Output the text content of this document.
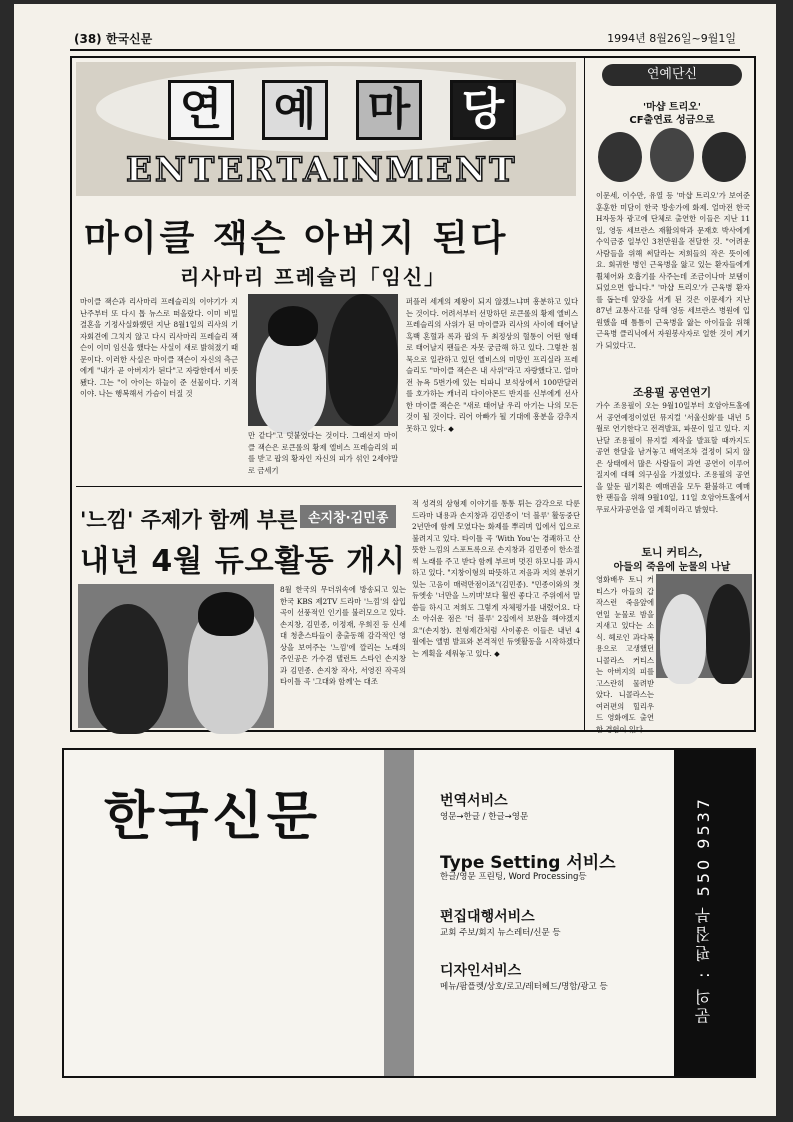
(38) 한국신문	1994년 8월26일~9월1일
연 예 마 당
ENTERTAINMENT
마이클 잭슨 아버지 된다
리사마리 프레슬리「임신」
마이클 잭슨과 리사마리 프레슬리의 이야기가 지난주부터 또 다시 톱 뉴스로 떠올랐다. 이미 비밀결혼을 기정사실화했던 지난 8월1일의 리사의 기자회견에 그치지 않고 다시 리사마리 프레슬리 잭슨이 이미 임신을 했다는 사실이 새로 밝혀졌기 때문이다. 이러한 사실은 마이클 잭슨이 자신의 측근에게 "내가 곧 아버지가 된다"고 자랑한데서 비롯됐다. 그는 "이 아이는 하늘이 준 선물이다. 기적이야. 나는 행복해서 가슴이 터질 것
만 같다"고 덧붙였다는 것이다. 그래선지 마이클 잭슨은 로큰롤의 황제 엘비스 프레슬리의 피를 받고 팝의 황자인 자신의 피가 섞인 2세야말로 금세기
퍼플러 세계의 제왕이 되지 않겠느냐며 흥분하고 있다는 것이다. 어려서부터 선망하던 로큰롤의 황제 엘비스 프레슬리의 사위가 된 마이클과 리사의 사이에 태어날 흑백 혼혈과 록과 팝의 두 최정상의 혈통이 어떤 형태로 태어날지 팬들은 자못 궁금해 하고 있다. 그렇찬 침묵으로 일관하고 있던 엘비스의 미망인 프리실라 프레슬리도 "마이클 잭슨은 내 사위"라고 자랑했다고. 얼마전 뉴욕 5번가에 있는 티파니 보석상에서 100만달러를 호가하는 캐너리 다이아몬드 반지를 신부에게 선사한 마이클 잭슨은 "새로 태어날 우리 아기는 나의 모든 것이 될 것이다. 리어 아빠가 될 기대에 흥분을 감추지 못하고 있다. ◆
'느낌' 주제가 함께 부른 손지창·김민종
내년 4월 듀오활동 개시
8월 한국의 무더위속에 방송되고 있는 한국 KBS 제2TV 드라마 '느낌'의 삽입곡이 선풍적인 인기를 불러모으고 있다. 손지창, 김민종, 이정재, 우희진 등 신세대 청춘스타들이 총출동해 감각적인 영상을 보여주는 '느낌'에 깔리는 노래의 주인공은 가수겸 탤런트 스타인 손지창과 김민종. 손지창 작사, 서영진 작곡의 타이틀 곡 '그대와 함께'는 대조
적 성격의 삼형제 이야기를 통통 튀는 감각으로 다룬 드라마 내용과 손지창과 김민종이 '더 블루' 활동중단 2년만에 함께 모였다는 화제를 뿌리며 입에서 입으로 불려지고 있다. 타이틀 곡 'With You'는 경쾌하고 산뜻한 느낌의 스포트록으로 손지창과 김민종이 한소절씩 노래를 주고 받다 함께 부르며 멋진 하모니를 과시하고 있다. "지창이형의 따뜻하고 저음과 저의 분위기있는 고음이 매력만점이죠"(김민종). "민종이와의 첫 듀엣송 '너만을 느끼며'보다 훨씬 좋다고 주위에서 말씀들 하시고 저희도 그렇게 자체평가를 내렸어요. 다소 아쉬운 점은 '더 블루' 2집에서 보완을 해야겠지요"(손지창). 친형제간처럼 사이좋은 이들은 내년 4월에는 앨범 발표와 본격적인 듀엣활동을 시작하겠다는 계획을 세워놓고 있다. ◆
연예단신
'마샵 트리오'
CF출연료 성금으로
이문세, 이수만, 유열 등 '마샵 트리오'가 보여준 훈훈한 미담이 한국 방송가에 화제. 얼마전 한국 H자동차 광고에 단체로 출연한 이들은 지난 11일, 영동 세브란스 재활의학과 문재호 박사에게 수익금중 일부인 3천만원을 전달한 것. "어려운 사람들을 위해 써달라는 저희들의 작은 뜻이에요. 회귀한 병인 근육병을 앓고 있는 환자들에게 휠체어와 호흡기를 사주는데 조금이나마 보탬이 되었으면 합니다." '마샵 트리오'가 근육병 환자를 돕는데 앞장을 서게 된 것은 이문세가 지난 87년 교통사고를 당해 영동 세브란스 병원에 입원했을 때 틈틈이 근육병을 앓는 아이들을 위해 근육병 클리닉에서 자원봉사자로 일한 것이 계기가 되었다고.
조용필 공연연기
가수 조용필이 오는 9월10일부터 호암아트홀에서 공연예정이었던 뮤지컬 '서울신화'를 내년 5월로 연기한다고 전격발표, 파문이 일고 있다. 지난달 조용필이 뮤지컬 제작을 발표할 때까지도 공연 한달을 남겨놓고 배역조차 결정이 되지 않은 상태에서 많은 사람들이 과연 공연이 이루어질지에 대해 의구심을 가졌었다. 조용필의 공연을 앞둔 필기획은 예매권을 모두 환불하고 예매한 팬들을 위해 9월10일, 11일 호암아트홀에서 무료사과공연을 열 계획이라고 밝혔다.
토니 커티스,
아들의 죽음에 눈물의 나날
영화배우 토니 커티스가 아들의 갑작스런 죽음앞에 연일 눈물로 밤을 지새고 있다는 소식. 헤로인 과다복용으로 고생했던 니콜라스 커티스는 아버지의 피를 고스란히 물려받았다. 니콜라스는 여러편의 힐리우드 영화에도 출연한 경험이 있다.
한국신문	번역서비스
영문→한글 / 한글→영문
Type Setting 서비스
한글/영문 프린팅, Word Processing등
편집대행서비스
교회 주보/회지 뉴스레터/신문 등
디자인서비스
메뉴/팜플렛/상호/로고/레터헤드/명함/광고 등	문의 : 편집부 550 9537
